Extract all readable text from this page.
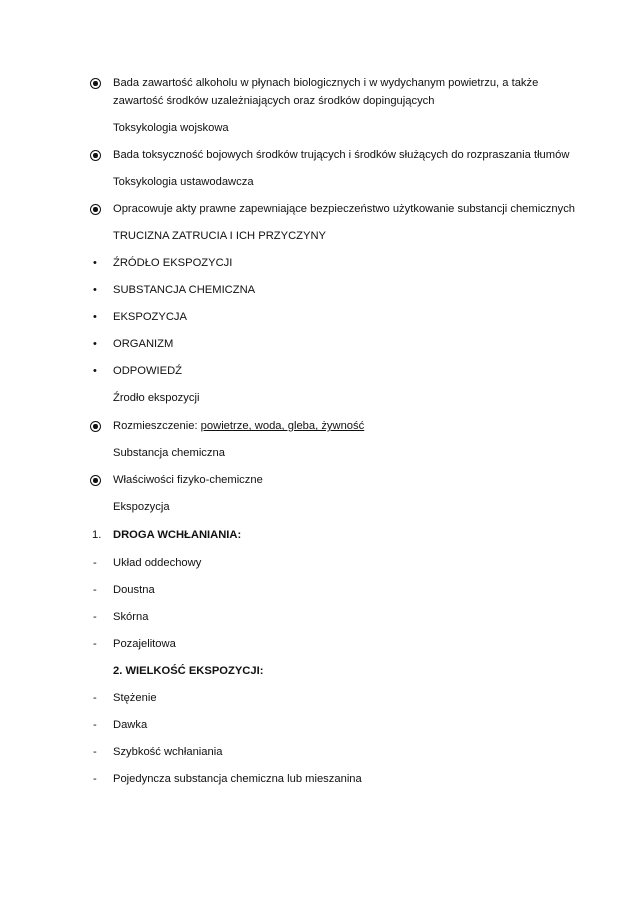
Bada zawartość alkoholu w płynach biologicznych i w wydychanym powietrzu, a także
zawartość środków uzależniających oraz środków dopingujących
Toksykologia wojskowa
Bada toksyczność bojowych środków trujących i środków służących do rozpraszania tłumów
Toksykologia ustawodawcza
Opracowuje akty prawne zapewniające bezpieczeństwo użytkowanie substancji chemicznych
TRUCIZNA ZATRUCIA I ICH PRZYCZYNY
• ŹRÓDŁO EKSPOZYCJI
• SUBSTANCJA CHEMICZNA
• EKSPOZYCJA
• ORGANIZM
• ODPOWIEDŹ
Źrodło ekspozycji
Rozmieszczenie: powietrze, woda, gleba, żywność
Substancja chemiczna
Właściwości fizyko-chemiczne
Ekspozycja
1. DROGA WCHŁANIANIA:
- Układ oddechowy
- Doustna
- Skórna
- Pozajelitowa
2. WIELKOŚĆ EKSPOZYCJI:
- Stężenie
- Dawka
- Szybkość wchłaniania
- Pojedyncza substancja chemiczna lub mieszanina
